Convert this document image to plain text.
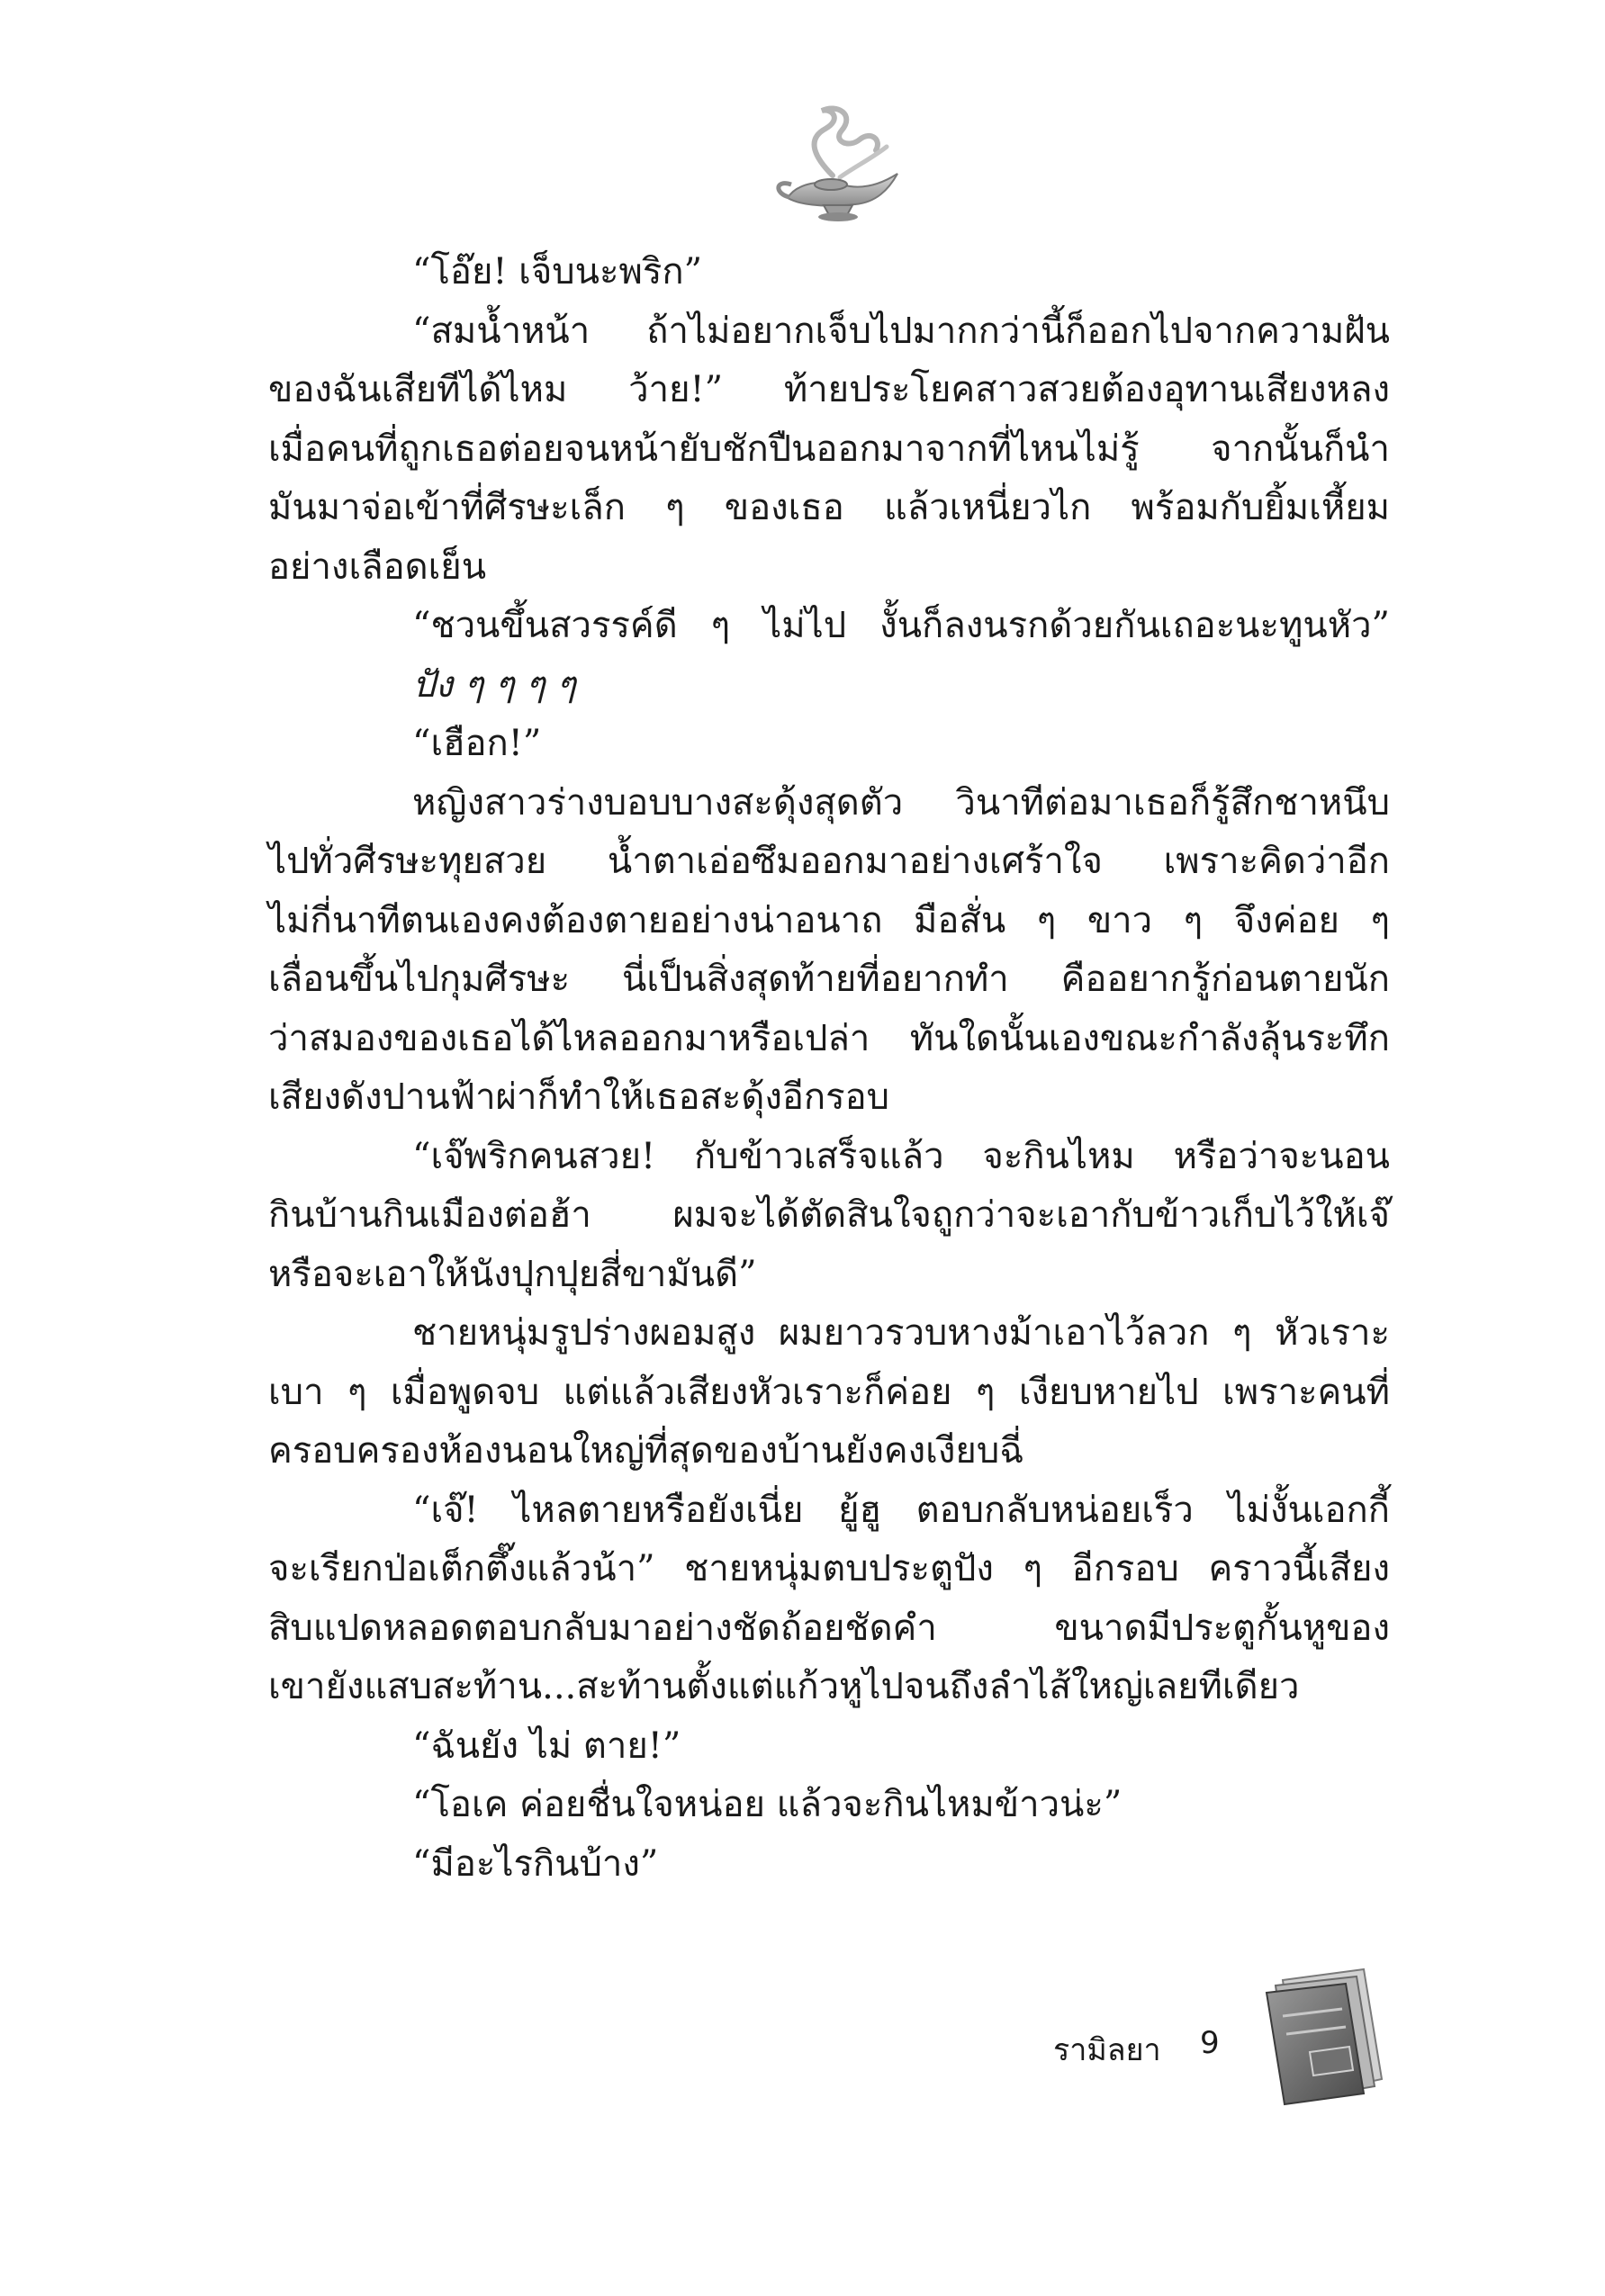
“โอ๊ย! เจ็บนะพริก”
“สมน้ำหน้า ถ้าไม่อยากเจ็บไปมากกว่านี้ก็ออกไปจากความฝัน
ของฉันเสียทีได้ไหม ว้าย!” ท้ายประโยคสาวสวยต้องอุทานเสียงหลง
เมื่อคนที่ถูกเธอต่อยจนหน้ายับชักปืนออกมาจากที่ไหนไม่รู้ จากนั้นก็นำ
มันมาจ่อเข้าที่ศีรษะเล็ก ๆ ของเธอ แล้วเหนี่ยวไก พร้อมกับยิ้มเหี้ยม
อย่างเลือดเย็น
“ชวนขึ้นสวรรค์ดี ๆ ไม่ไป งั้นก็ลงนรกด้วยกันเถอะนะทูนหัว”
ปัง ๆ ๆ ๆ ๆ
“เฮือก!”
หญิงสาวร่างบอบบางสะดุ้งสุดตัว วินาทีต่อมาเธอก็รู้สึกชาหนึบ
ไปทั่วศีรษะทุยสวย น้ำตาเอ่อซึมออกมาอย่างเศร้าใจ เพราะคิดว่าอีก
ไม่กี่นาทีตนเองคงต้องตายอย่างน่าอนาถ มือสั่น ๆ ขาว ๆ จึงค่อย ๆ
เลื่อนขึ้นไปกุมศีรษะ นี่เป็นสิ่งสุดท้ายที่อยากทำ คืออยากรู้ก่อนตายนัก
ว่าสมองของเธอได้ไหลออกมาหรือเปล่า ทันใดนั้นเองขณะกำลังลุ้นระทึก
เสียงดังปานฟ้าผ่าก็ทำให้เธอสะดุ้งอีกรอบ
“เจ๊พริกคนสวย! กับข้าวเสร็จแล้ว จะกินไหม หรือว่าจะนอน
กินบ้านกินเมืองต่อฮ้า ผมจะได้ตัดสินใจถูกว่าจะเอากับข้าวเก็บไว้ให้เจ๊
หรือจะเอาให้นังปุกปุยสี่ขามันดี”
ชายหนุ่มรูปร่างผอมสูง ผมยาวรวบหางม้าเอาไว้ลวก ๆ หัวเราะ
เบา ๆ เมื่อพูดจบ แต่แล้วเสียงหัวเราะก็ค่อย ๆ เงียบหายไป เพราะคนที่
ครอบครองห้องนอนใหญ่ที่สุดของบ้านยังคงเงียบฉี่
“เจ๊! ไหลตายหรือยังเนี่ย ยู้ฮู ตอบกลับหน่อยเร็ว ไม่งั้นเอกกี้
จะเรียกป่อเต็กตึ๊งแล้วน้า” ชายหนุ่มตบประตูปัง ๆ อีกรอบ คราวนี้เสียง
สิบแปดหลอดตอบกลับมาอย่างชัดถ้อยชัดคำ ขนาดมีประตูกั้นหูของ
เขายังแสบสะท้าน...สะท้านตั้งแต่แก้วหูไปจนถึงลำไส้ใหญ่เลยทีเดียว
“ฉันยัง ไม่ ตาย!”
“โอเค ค่อยชื่นใจหน่อย แล้วจะกินไหมข้าวน่ะ”
“มีอะไรกินบ้าง”
รามิลยา 9
